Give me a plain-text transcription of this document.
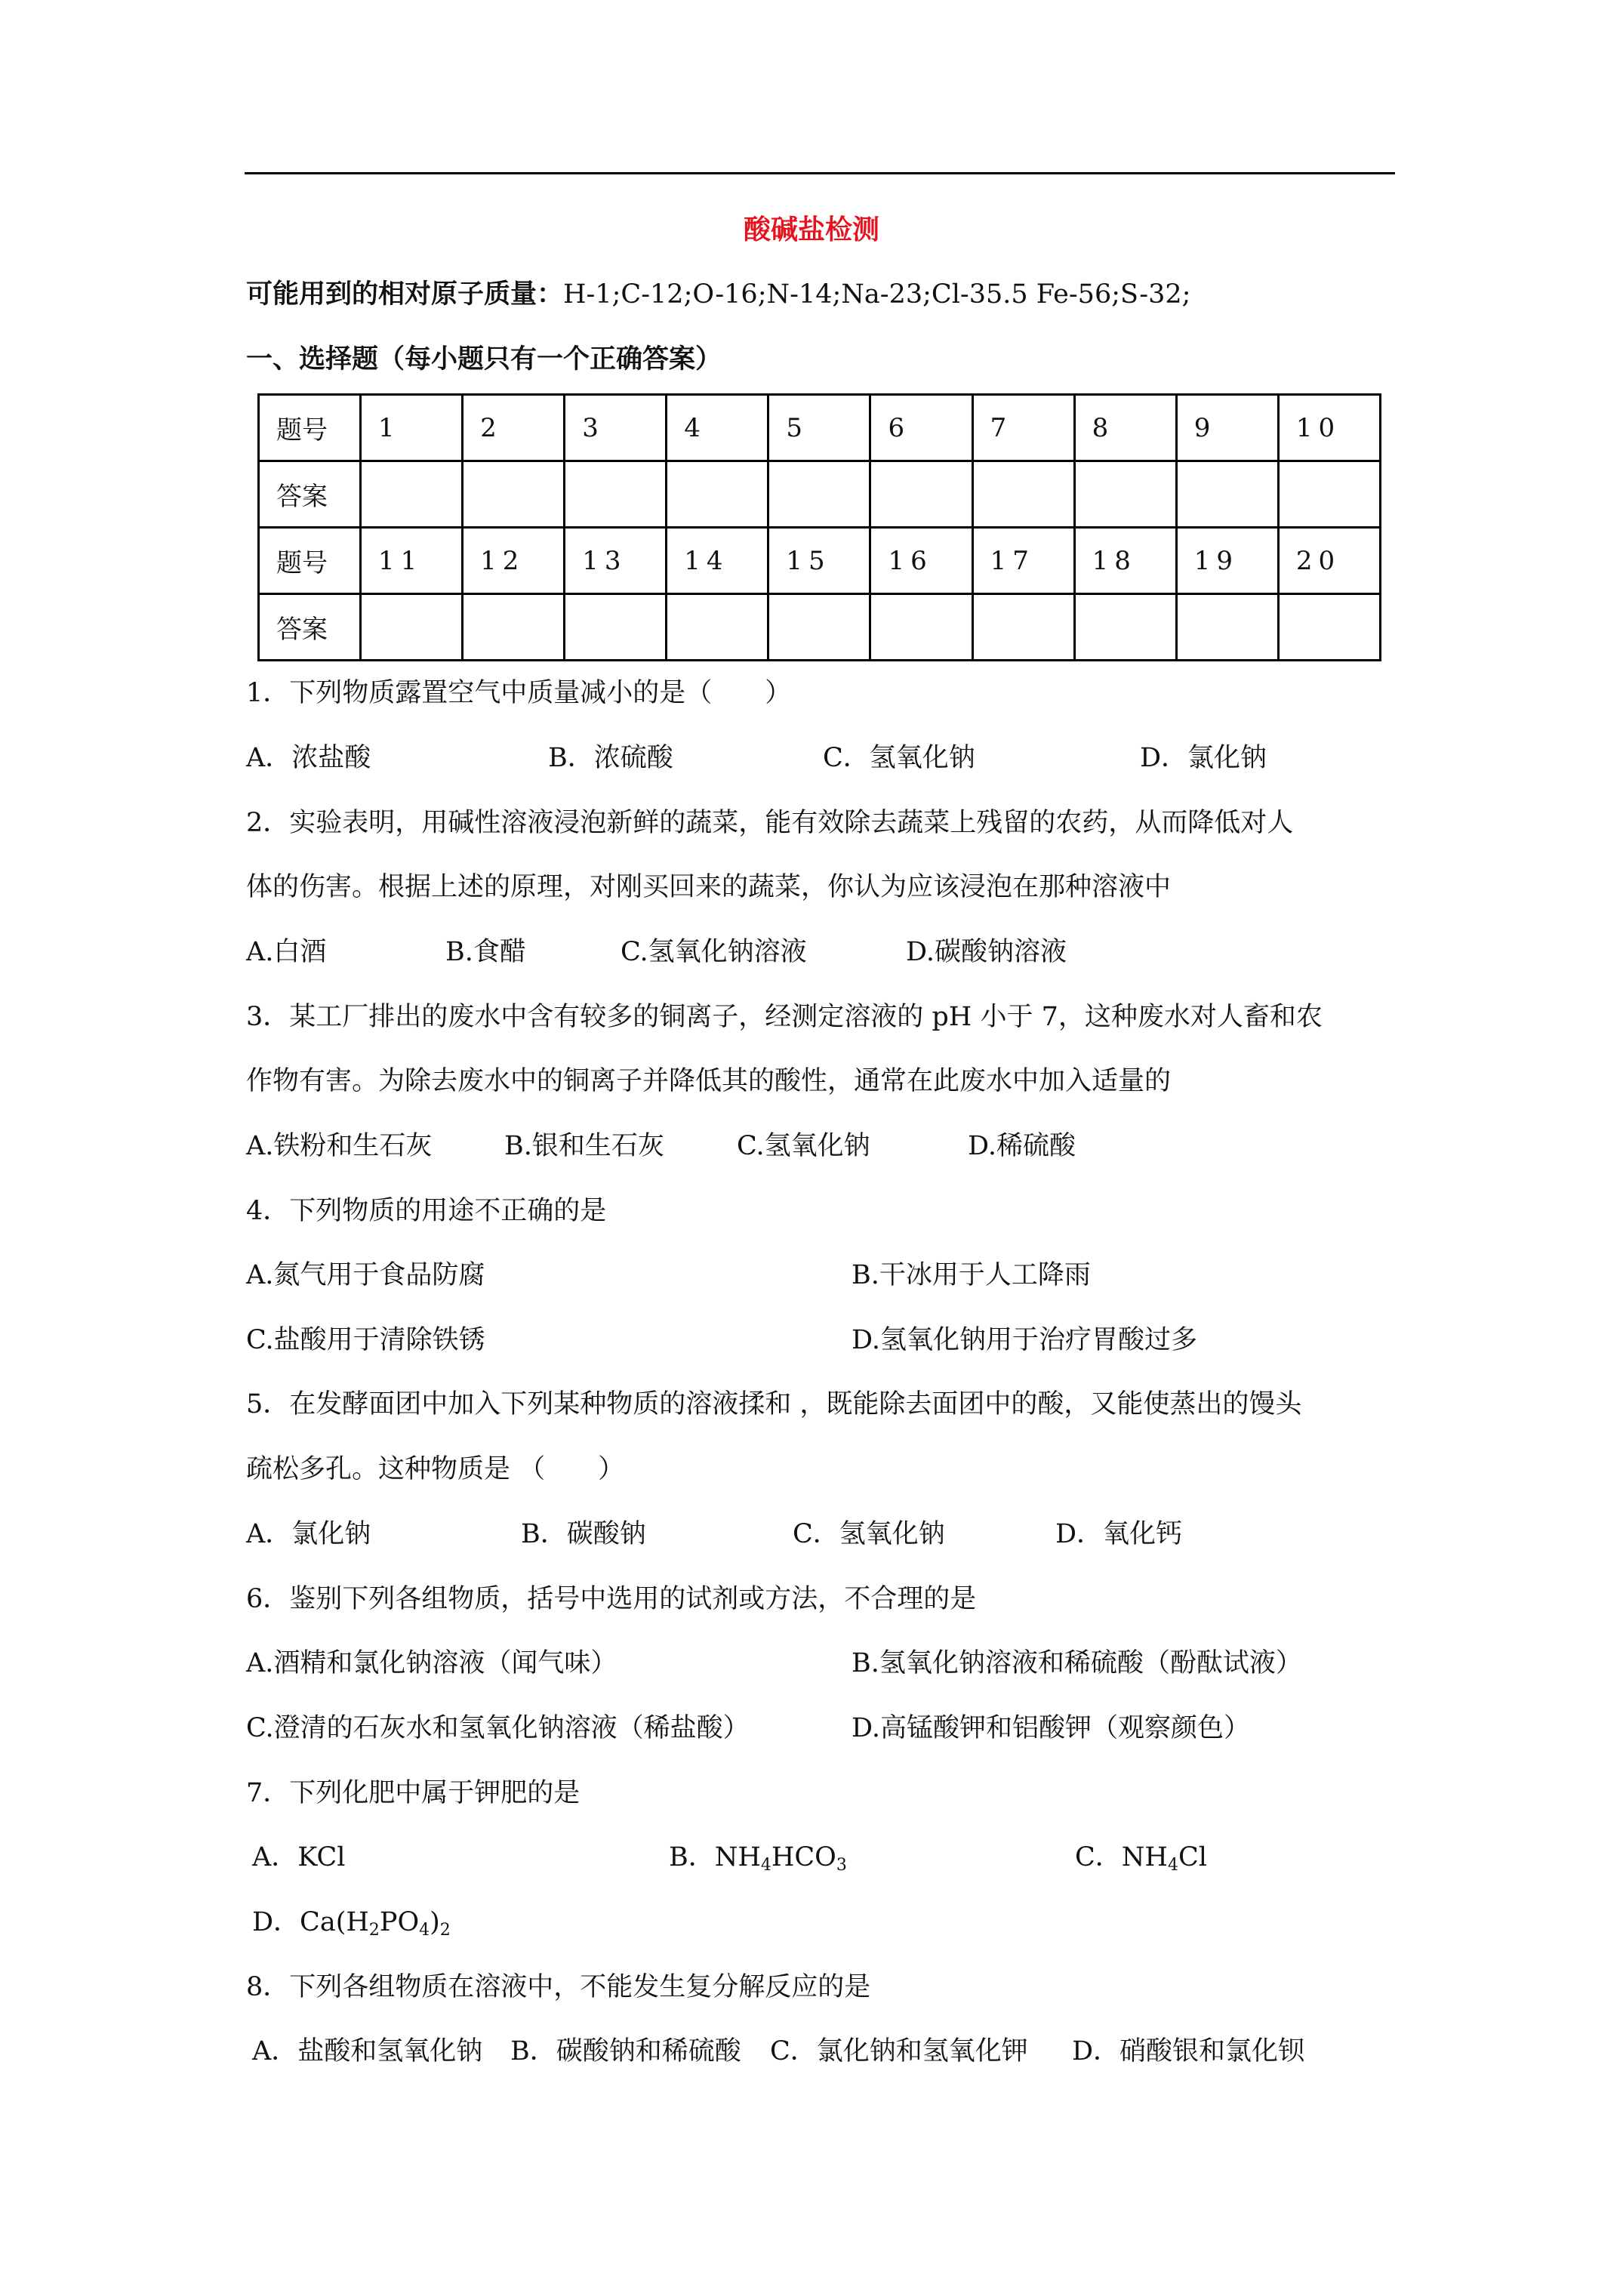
酸碱盐检测
可能用到的相对原子质量：H-1;C-12;O-16;N-14;Na-23;Cl-35.5 Fe-56;S-32;
一、选择题（每小题只有一个正确答案）
题号	1	2	3	4	5	6	7	8	9	10
答案										
题号	11	12	13	14	15	16	17	18	19	20
答案										
1．下列物质露置空气中质量减小的是（　　）
A．浓盐酸	B．浓硫酸	C．氢氧化钠	D．氯化钠
2．实验表明，用碱性溶液浸泡新鲜的蔬菜，能有效除去蔬菜上残留的农药，从而降低对人
体的伤害。根据上述的原理，对刚买回来的蔬菜，你认为应该浸泡在那种溶液中
A.白酒	B.食醋	C.氢氧化钠溶液	D.碳酸钠溶液
3．某工厂排出的废水中含有较多的铜离子，经测定溶液的 pH 小于 7，这种废水对人畜和农
作物有害。为除去废水中的铜离子并降低其的酸性，通常在此废水中加入适量的
A.铁粉和生石灰	B.银和生石灰	C.氢氧化钠	D.稀硫酸
4．下列物质的用途不正确的是
A.氮气用于食品防腐	B.干冰用于人工降雨
C.盐酸用于清除铁锈	D.氢氧化钠用于治疗胃酸过多
5．在发酵面团中加入下列某种物质的溶液揉和 ，既能除去面团中的酸，又能使蒸出的馒头
疏松多孔。这种物质是 （　　）
A．氯化钠	B．碳酸钠	C．氢氧化钠	D．氧化钙
6．鉴别下列各组物质，括号中选用的试剂或方法，不合理的是
A.酒精和氯化钠溶液（闻气味）	B.氢氧化钠溶液和稀硫酸（酚酞试液）
C.澄清的石灰水和氢氧化钠溶液（稀盐酸）	D.高锰酸钾和铝酸钾（观察颜色）
7．下列化肥中属于钾肥的是
A．KCl	B．$NH_4HCO_3$	C．$NH_4Cl$
D．$Ca(H_2PO_4)_2$
8．下列各组物质在溶液中，不能发生复分解反应的是
A．盐酸和氢氧化钠 B．碳酸钠和稀硫酸 C．氯化钠和氢氧化钾 D．硝酸银和氯化钡
